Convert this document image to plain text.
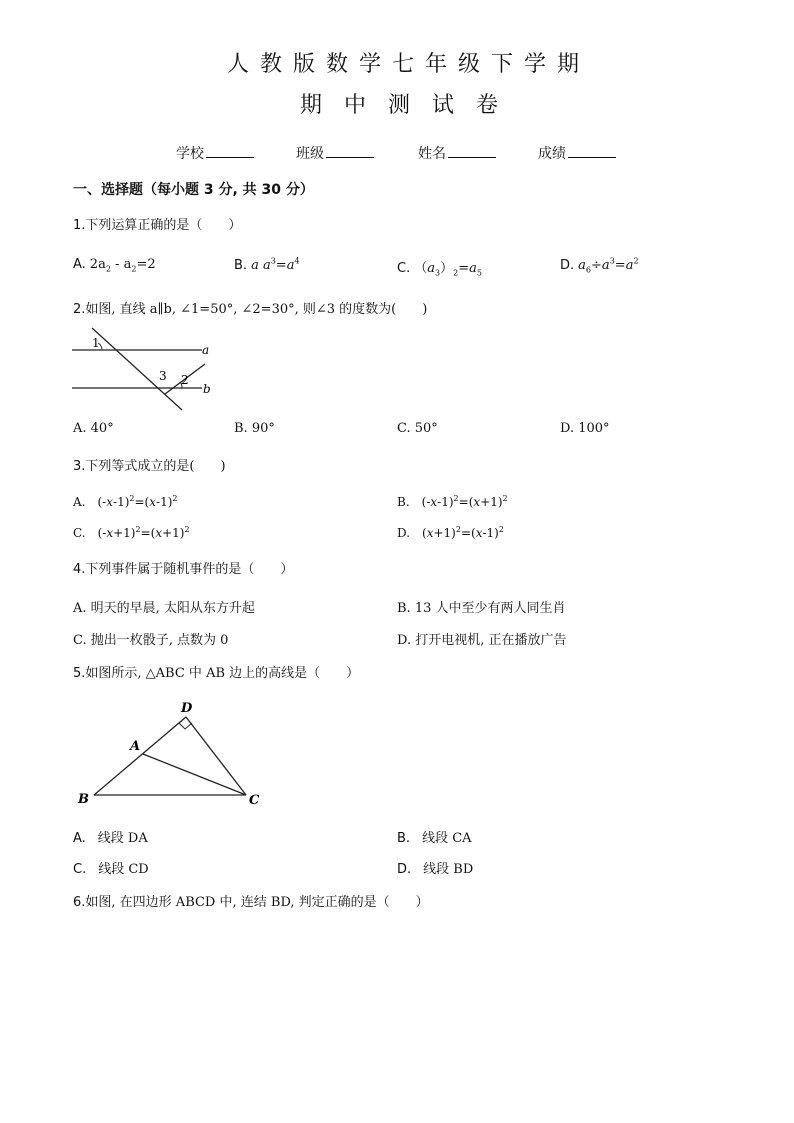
人教版数学七年级下学期
期中测试卷
学校	班级	姓名	成绩
一、选择题（每小题 3 分, 共 30 分）
1.下列运算正确的是（　　）
A. $2a_2 - a_2=2$	B. a $a^3=a^4$	C. $(a_3)_2=a_5$	D. $a_6\div a^3=a^2$
2.如图, 直线 a∥b, ∠1=50°, ∠2=30°, 则∠3 的度数为(　　)
1
3 2
a
b
A. 40°	B. 90°	C. 50°	D. 100°
3.下列等式成立的是(　　)
A. $(-x-1)^2=(x-1)^2$	B. $(-x-1)^2=(x+1)^2$
C. $(-x+1)^2=(x+1)^2$	D. $(x+1)^2=(x-1)^2$
4.下列事件属于随机事件的是（　　）
A. 明天的早晨, 太阳从东方升起	B. 13 人中至少有两人同生肖
C. 抛出一枚骰子, 点数为 0	D. 打开电视机, 正在播放广告
5.如图所示, △ABC 中 AB 边上的高线是（　　）
D
A
B	C
A. 线段 DA	B. 线段 CA
C. 线段 CD	D. 线段 BD
6.如图, 在四边形 ABCD 中, 连结 BD, 判定正确的是（　　）
